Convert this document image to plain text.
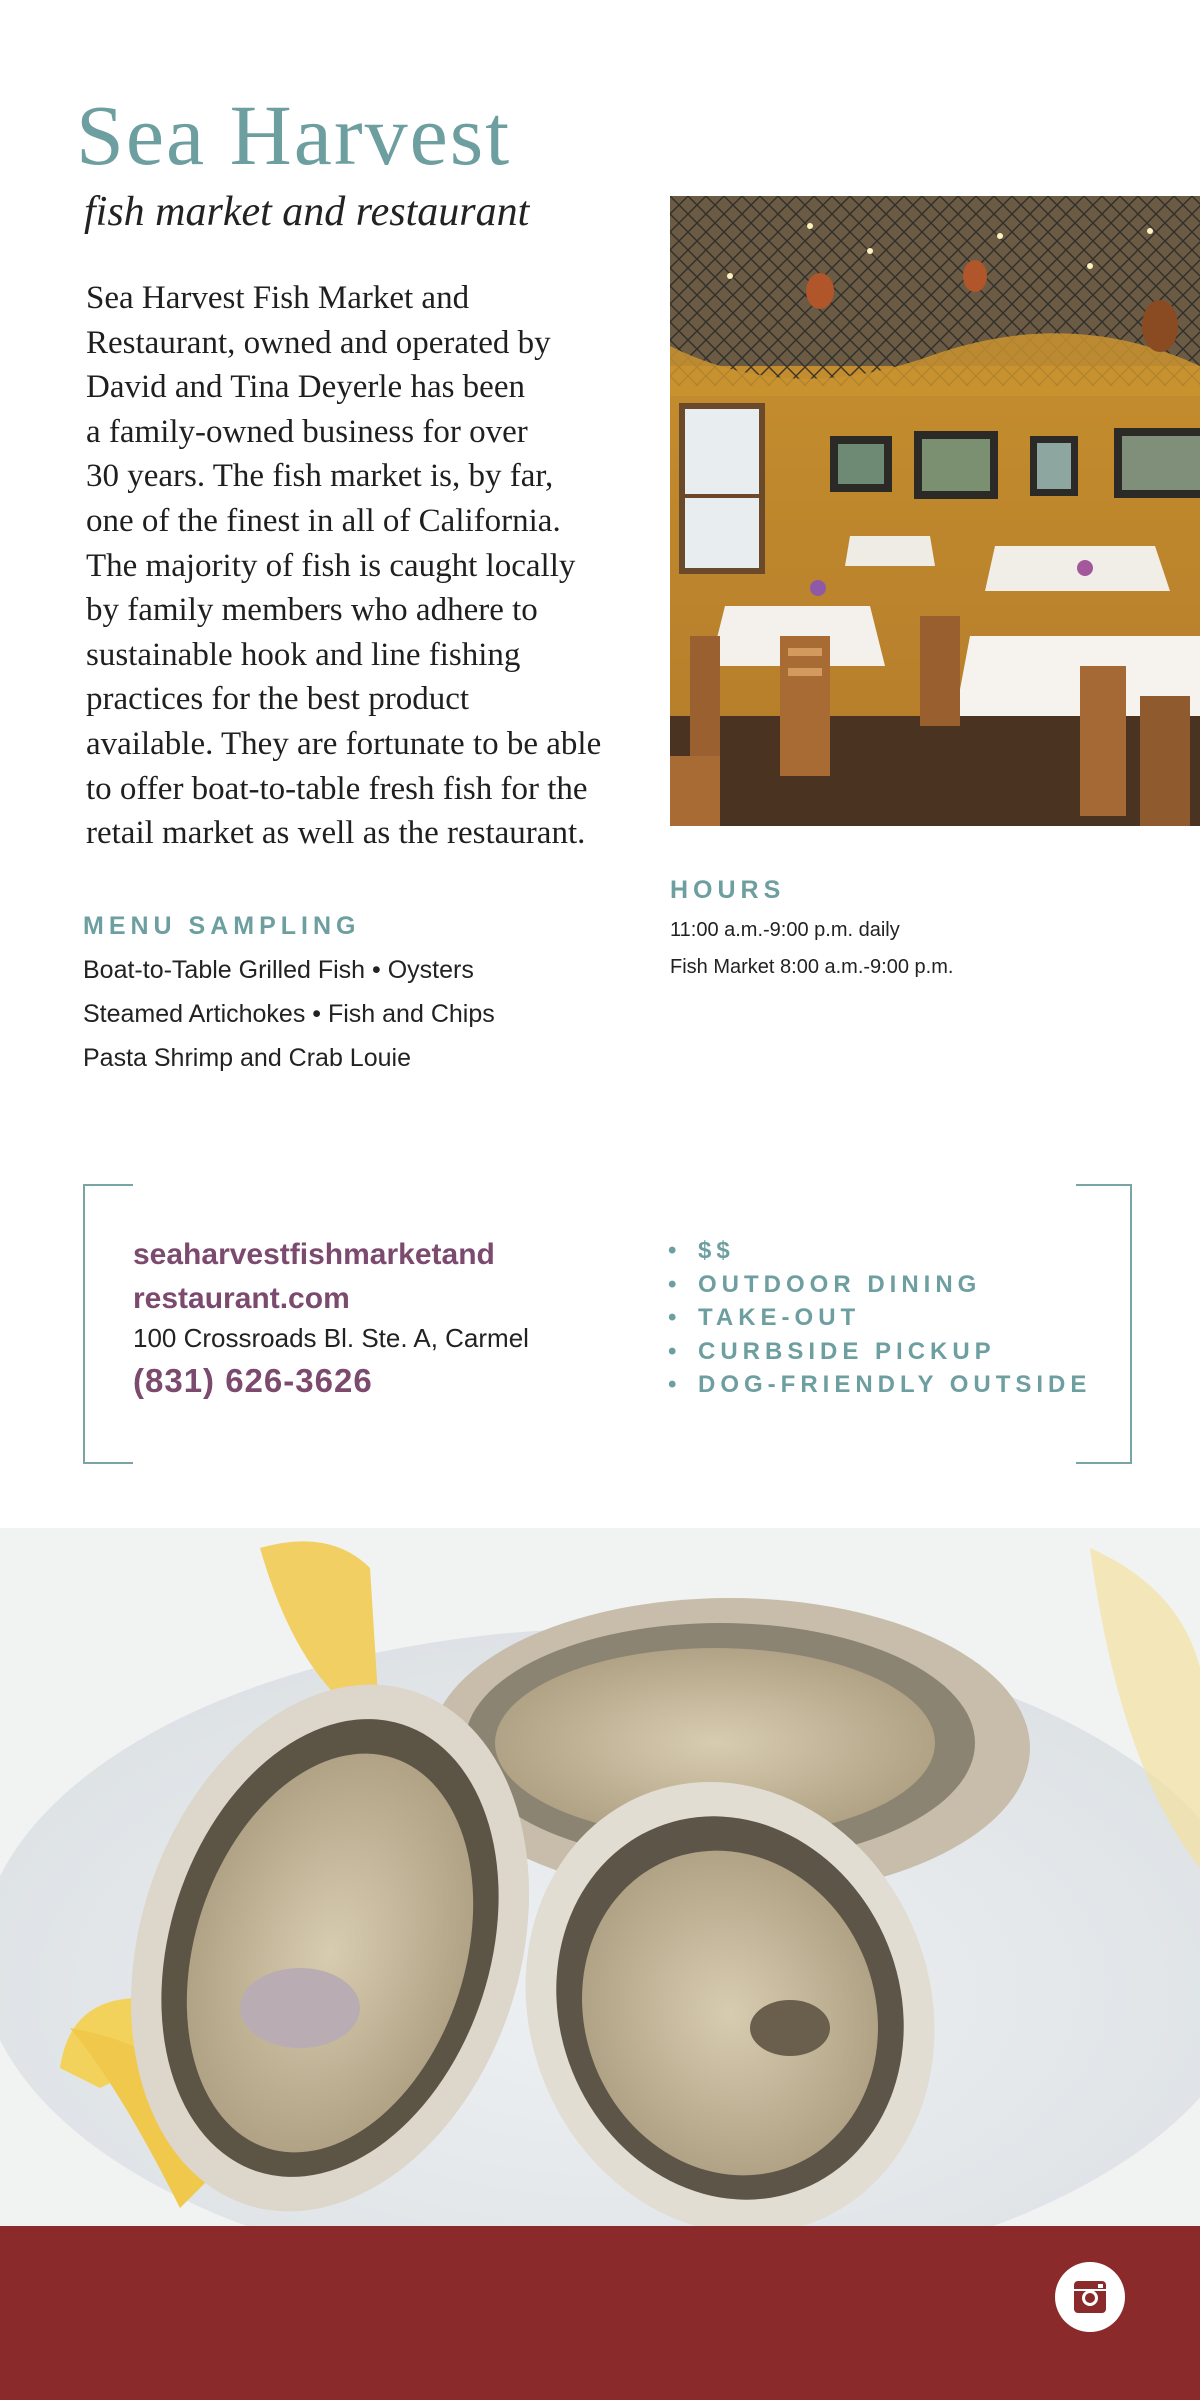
Sea Harvest
fish market and restaurant
Sea Harvest Fish Market and
Restaurant, owned and operated by
David and Tina Deyerle has been
a family-owned business for over
30 years. The fish market is, by far,
one of the finest in all of California.
The majority of fish is caught locally
by family members who adhere to
sustainable hook and line fishing
practices for the best product
available. They are fortunate to be able
to offer boat-to-table fresh fish for the
retail market as well as the restaurant.
HOURS
11:00 a.m.-9:00 p.m. daily
Fish Market 8:00 a.m.-9:00 p.m.
MENU SAMPLING
Boat-to-Table Grilled Fish • Oysters
Steamed Artichokes • Fish and Chips
Pasta Shrimp and Crab Louie
seaharvestfishmarketand
restaurant.com
100 Crossroads Bl. Ste. A, Carmel
(831) 626-3626
• $$
• OUTDOOR DINING
• TAKE-OUT
• CURBSIDE PICKUP
• DOG-FRIENDLY OUTSIDE
